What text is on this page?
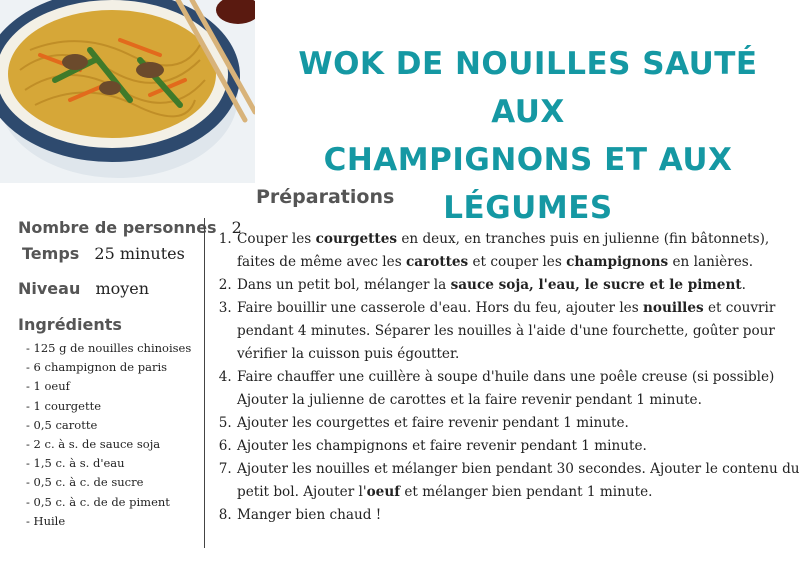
WOK DE NOUILLES SAUTÉ AUX
CHAMPIGNONS ET AUX LÉGUMES
Nombre de personnes 2
Temps 25 minutes
Niveau moyen
Ingrédients
- 125 g de nouilles chinoises
- 6 champignon de paris
- 1 oeuf
- 1 courgette
- 0,5 carotte
- 2 c. à s. de sauce soja
- 1,5 c. à s. d'eau
- 0,5 c. à c. de sucre
- 0,5 c. à c. de de piment
- Huile
Préparations
1. Couper les courgettes en deux, en tranches puis en julienne (fin bâtonnets), faites de même avec les carottes et couper les champignons en lanières.
2. Dans un petit bol, mélanger la sauce soja, l'eau, le sucre et le piment.
3. Faire bouillir une casserole d'eau. Hors du feu, ajouter les nouilles et couvrir pendant 4 minutes. Séparer les nouilles à l'aide d'une fourchette, goûter pour vérifier la cuisson puis égoutter.
4. Faire chauffer une cuillère à soupe d'huile dans une poêle creuse (si possible) Ajouter la julienne de carottes et la faire revenir pendant 1 minute.
5. Ajouter les courgettes et faire revenir pendant 1 minute.
6. Ajouter les champignons et faire revenir pendant 1 minute.
7. Ajouter les nouilles et mélanger bien pendant 30 secondes. Ajouter le contenu du petit bol. Ajouter l'oeuf et mélanger bien pendant 1 minute.
8. Manger bien chaud !
